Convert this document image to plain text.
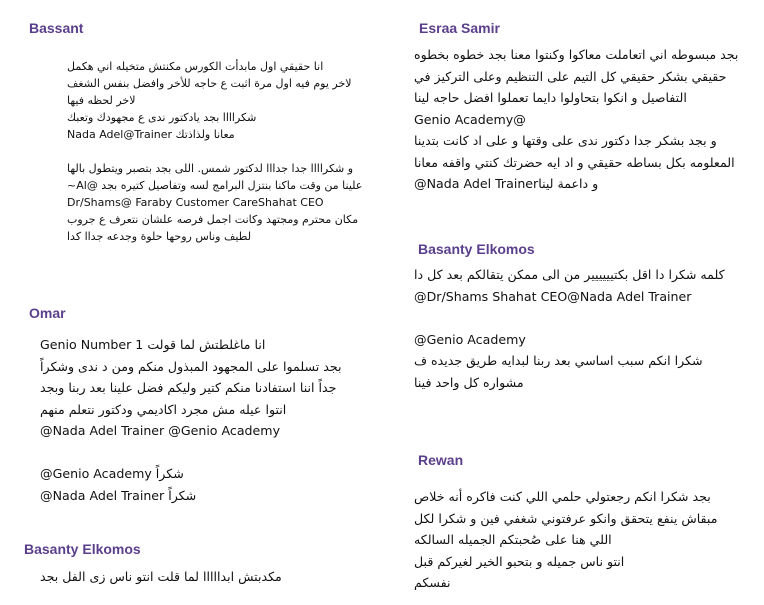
Bassant
انا حقيقي اول مابدأت الكورس مكنتش متخيله اني هكمل
لاخر يوم فيه اول مرة اثبت ع حاجه للأخر وافضل بنفس الشغف
لاخر لحظه فيها
شكراااا بجد يادكتور ندى ع مجهودك وتعبك
معانا ولذاذتك Nada Adel@Trainer
و شكراااا جدا جدااا لدكتور شمس. اللى بجد بتصبر ويتطول بالها
علينا من وقت ماكنا بنتزل البرامج لسه وتفاصيل كتيره بجد @Al~
Dr/Shams@ Faraby Customer CareShahat CEO
مكان محترم ومجتهد وكانت اجمل فرصه علشان نتعرف ع جروب
لطيف وناس روحها حلوة وجدعه جداا كدا
Esraa Samir
بجد مبسوطه اني اتعاملت معاكوا وكنتوا معنا بجد خطوه بخطوه
حقيقي بشكر حقيقي كل التيم على التنظيم وعلى التركيز في
التفاصيل و انكوا بتحاولوا دايما تعملوا افضل حاجه لينا
Genio Academy@
و بجد بشكر جدا دكتور ندى على وقتها و على اد كانت بتدينا
المعلومه بكل بساطه حقيقي و اد ايه حضرتك كنتي واقفه معانا
و داعمة ليناNada Adel Trainer@
Basanty Elkomos
كلمه شكرا دا اقل بكتيييييير من الى ممكن يتقالكم بعد كل دا
@Dr/Shams Shahat CEO@Nada Adel Trainer
@Genio Academy
شكرا انكم سبب اساسي بعد ربنا لبدايه طريق جديده ف
مشواره كل واحد فينا
Omar
انا ماغلطتش لما قولت Genio Number 1
بجد تسلموا على المجهود المبذول منكم ومن د ندى وشكراً
جداً اننا استفادنا منكم كتير وليكم فضل علينا بعد ربنا وبجد
انتوا عيله مش مجرد اكاديمي ودكتور نتعلم منهم
@Nada Adel Trainer @Genio Academy
شكراً Genio Academy@
شكراً Nada Adel Trainer@
Rewan
بجد شكرا انكم رجعتولي حلمي اللي كنت فاكره أنه خلاص
مبقاش ينفع يتحقق وانكو عرفتوني شغفي فين و شكرا لكل
اللي هنا على صُحبتكم الجميله السالكه
انتو ناس جميله و بتحبو الخير لغيركم قبل
نفسكم
Basanty Elkomos
مكدبتش ابدااااا لما قلت انتو ناس زى الفل بجد
